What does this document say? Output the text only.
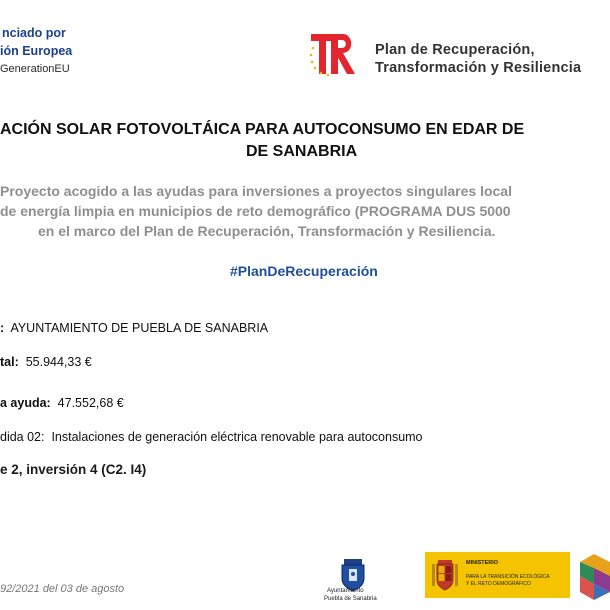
nciado por
ión Europea
GenerationEU
Plan de Recuperación,
Transformación y Resiliencia
ACIÓN SOLAR FOTOVOLTÁICA PARA AUTOCONSUMO EN EDAR DE
DE SANABRIA
Proyecto acogido a las ayudas para inversiones a proyectos singulares local
de energía limpia en municipios de reto demográfico (PROGRAMA DUS 5000
en el marco del Plan de Recuperación, Transformación y Resiliencia.
#PlanDeRecuperación
: AYUNTAMIENTO DE PUEBLA DE SANABRIA
tal: 55.944,33 €
a ayuda: 47.552,68 €
dida 02: Instalaciones de generación eléctrica renovable para autoconsumo
e 2, inversión 4 (C2. I4)
92/2021 del 03 de agosto	Ayuntamiento
Puebla de Sanabria
MINISTERIO
PARA LA TRANSICIÓN ECOLÓGICA
Y EL RETO DEMOGRÁFICO
